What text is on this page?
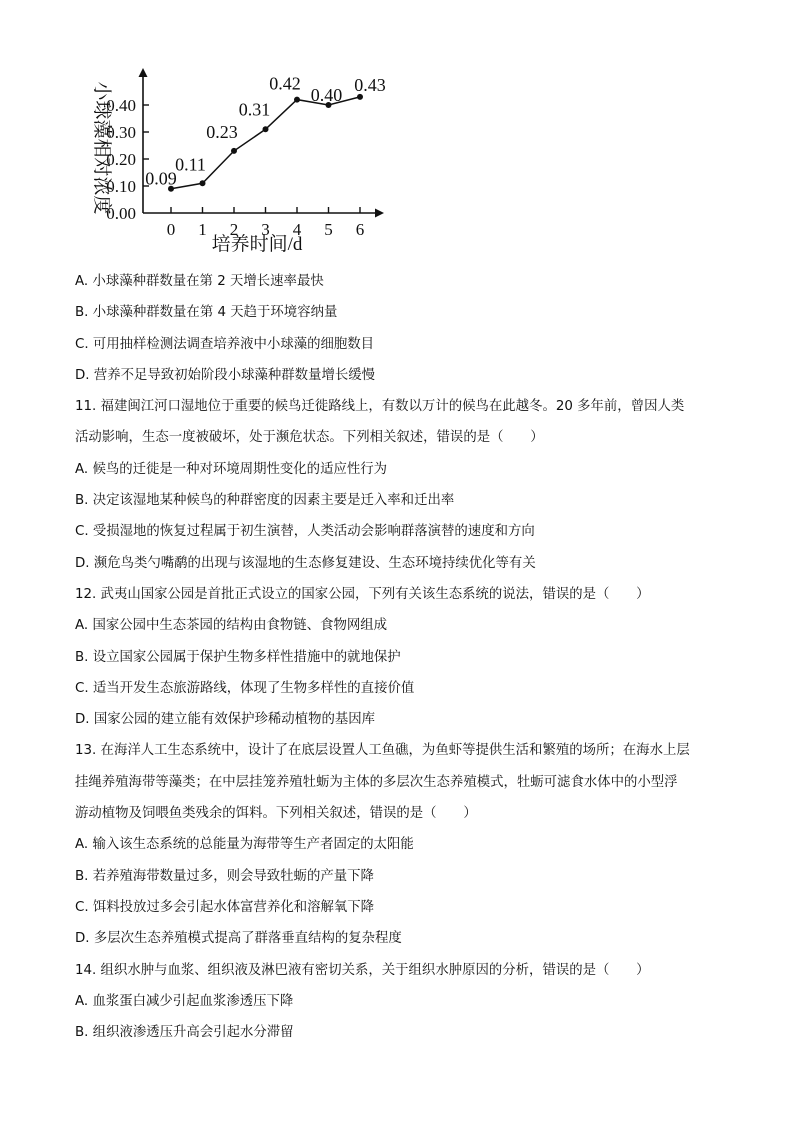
0.00
0.10
0.20
0.30
0.40
0 1 2 3 4 5 6
0.09
0.11
0.23
0.31
0.42
0.40
0.43
小球藻相对浓度
培养时间/d
A. 小球藻种群数量在第 2 天增长速率最快
B. 小球藻种群数量在第 4 天趋于环境容纳量
C. 可用抽样检测法调查培养液中小球藻的细胞数目
D. 营养不足导致初始阶段小球藻种群数量增长缓慢
11. 福建闽江河口湿地位于重要的候鸟迁徙路线上，有数以万计的候鸟在此越冬。20 多年前，曾因人类
活动影响，生态一度被破坏，处于濒危状态。下列相关叙述，错误的是（　　）
A. 候鸟的迁徙是一种对环境周期性变化的适应性行为
B. 决定该湿地某种候鸟的种群密度的因素主要是迁入率和迁出率
C. 受损湿地的恢复过程属于初生演替，人类活动会影响群落演替的速度和方向
D. 濒危鸟类勺嘴鹬的出现与该湿地的生态修复建设、生态环境持续优化等有关
12. 武夷山国家公园是首批正式设立的国家公园，下列有关该生态系统的说法，错误的是（　　）
A. 国家公园中生态茶园的结构由食物链、食物网组成
B. 设立国家公园属于保护生物多样性措施中的就地保护
C. 适当开发生态旅游路线，体现了生物多样性的直接价值
D. 国家公园的建立能有效保护珍稀动植物的基因库
13. 在海洋人工生态系统中，设计了在底层设置人工鱼礁，为鱼虾等提供生活和繁殖的场所；在海水上层
挂绳养殖海带等藻类；在中层挂笼养殖牡蛎为主体的多层次生态养殖模式，牡蛎可滤食水体中的小型浮
游动植物及饲喂鱼类残余的饵料。下列相关叙述，错误的是（　　）
A. 输入该生态系统的总能量为海带等生产者固定的太阳能
B. 若养殖海带数量过多，则会导致牡蛎的产量下降
C. 饵料投放过多会引起水体富营养化和溶解氧下降
D. 多层次生态养殖模式提高了群落垂直结构的复杂程度
14. 组织水肿与血浆、组织液及淋巴液有密切关系，关于组织水肿原因的分析，错误的是（　　）
A. 血浆蛋白减少引起血浆渗透压下降
B. 组织液渗透压升高会引起水分滞留
